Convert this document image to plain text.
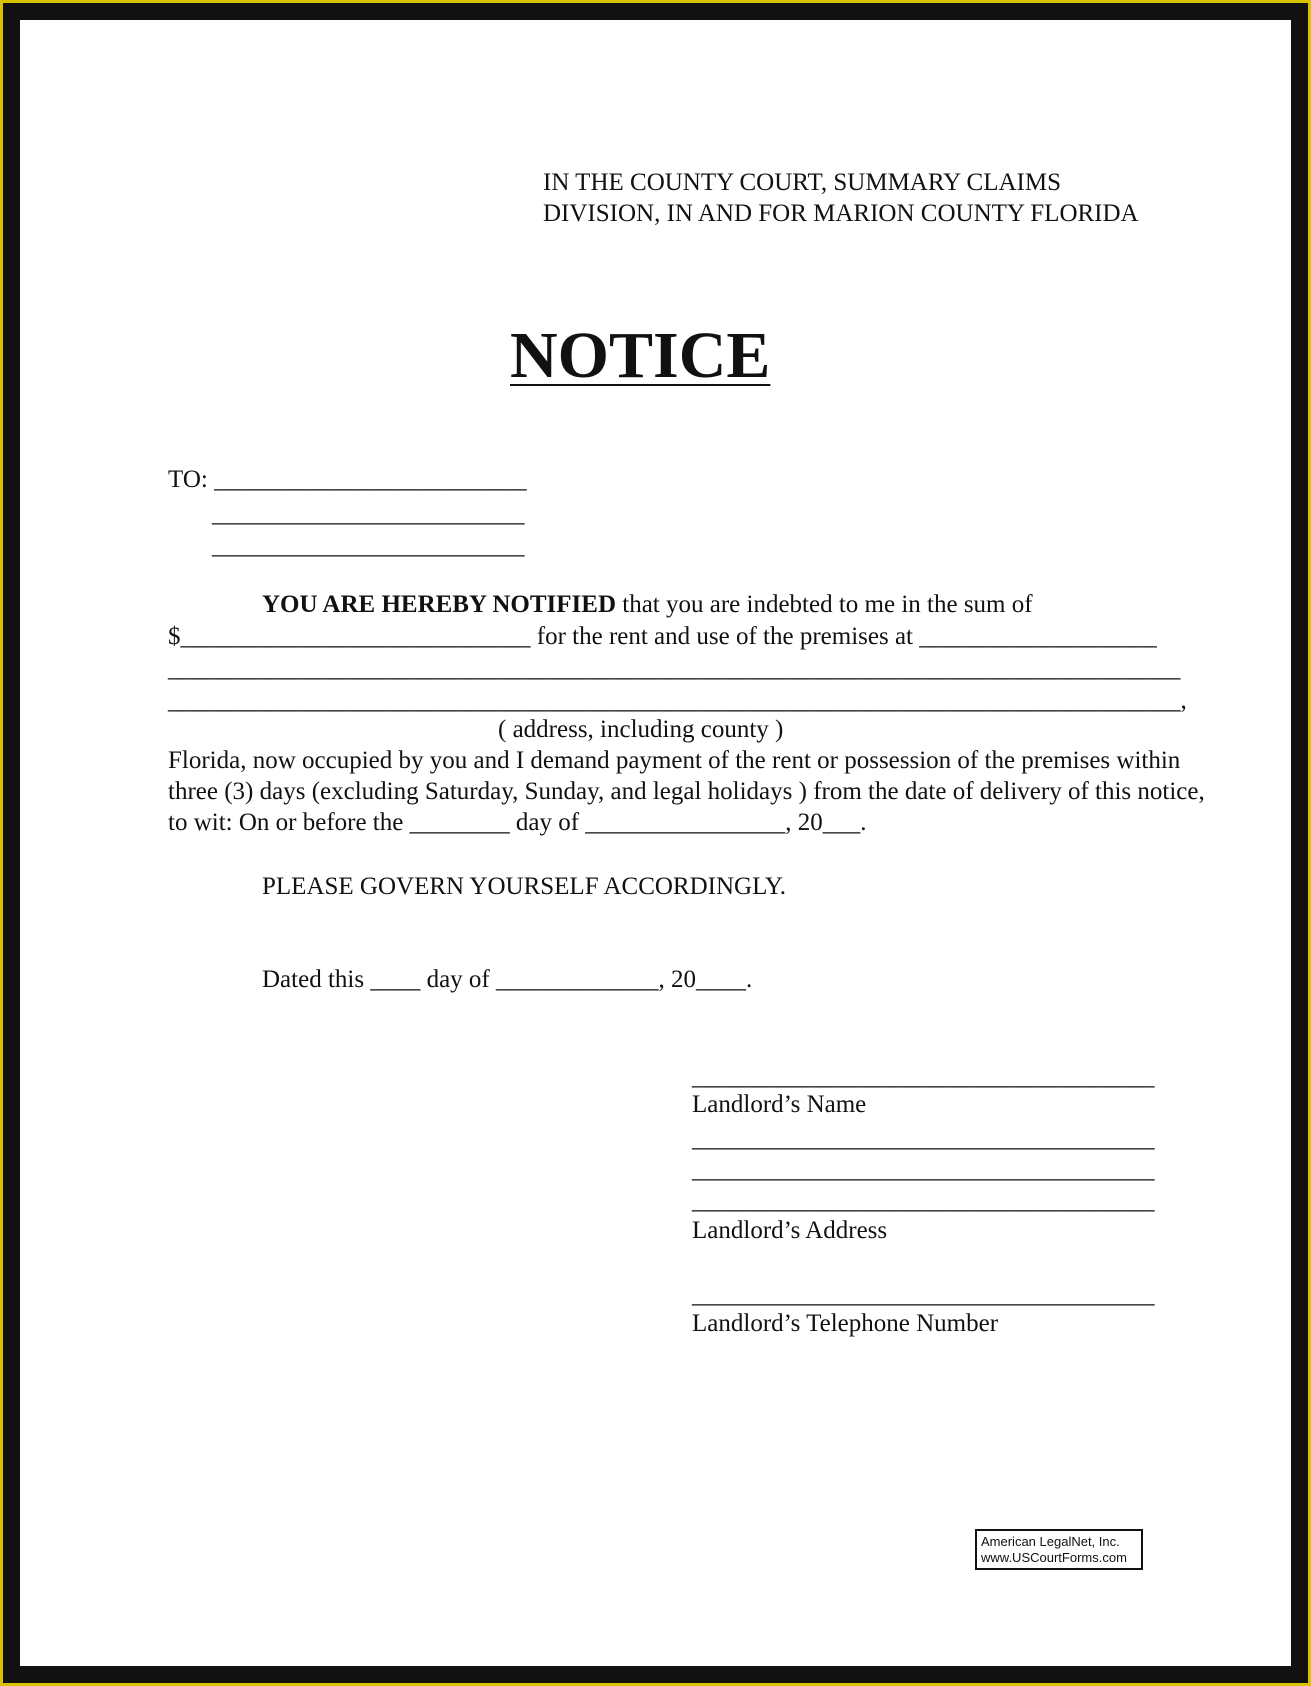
IN THE COUNTY COURT, SUMMARY CLAIMS

DIVISION, IN AND FOR MARION COUNTY FLORIDA

NOTICE

TO: _________________________

_________________________

_________________________

YOU ARE HEREBY NOTIFIED that you are indebted to me in the sum of

$____________________________ for the rent and use of the premises at ___________________

_________________________________________________________________________________

_________________________________________________________________________________,

( address, including county )

Florida, now occupied by you and I demand payment of the rent or possession of the premises within

three (3) days (excluding Saturday, Sunday, and legal holidays ) from the date of delivery of this notice,

to wit: On or before the ________ day of ________________, 20___.

PLEASE GOVERN YOURSELF ACCORDINGLY.

Dated this ____ day of _____________, 20____.

_____________________________________

Landlord’s Name

_____________________________________

_____________________________________

_____________________________________

Landlord’s Address

_____________________________________

Landlord’s Telephone Number

American LegalNet, Inc.
www.USCourtForms.com
